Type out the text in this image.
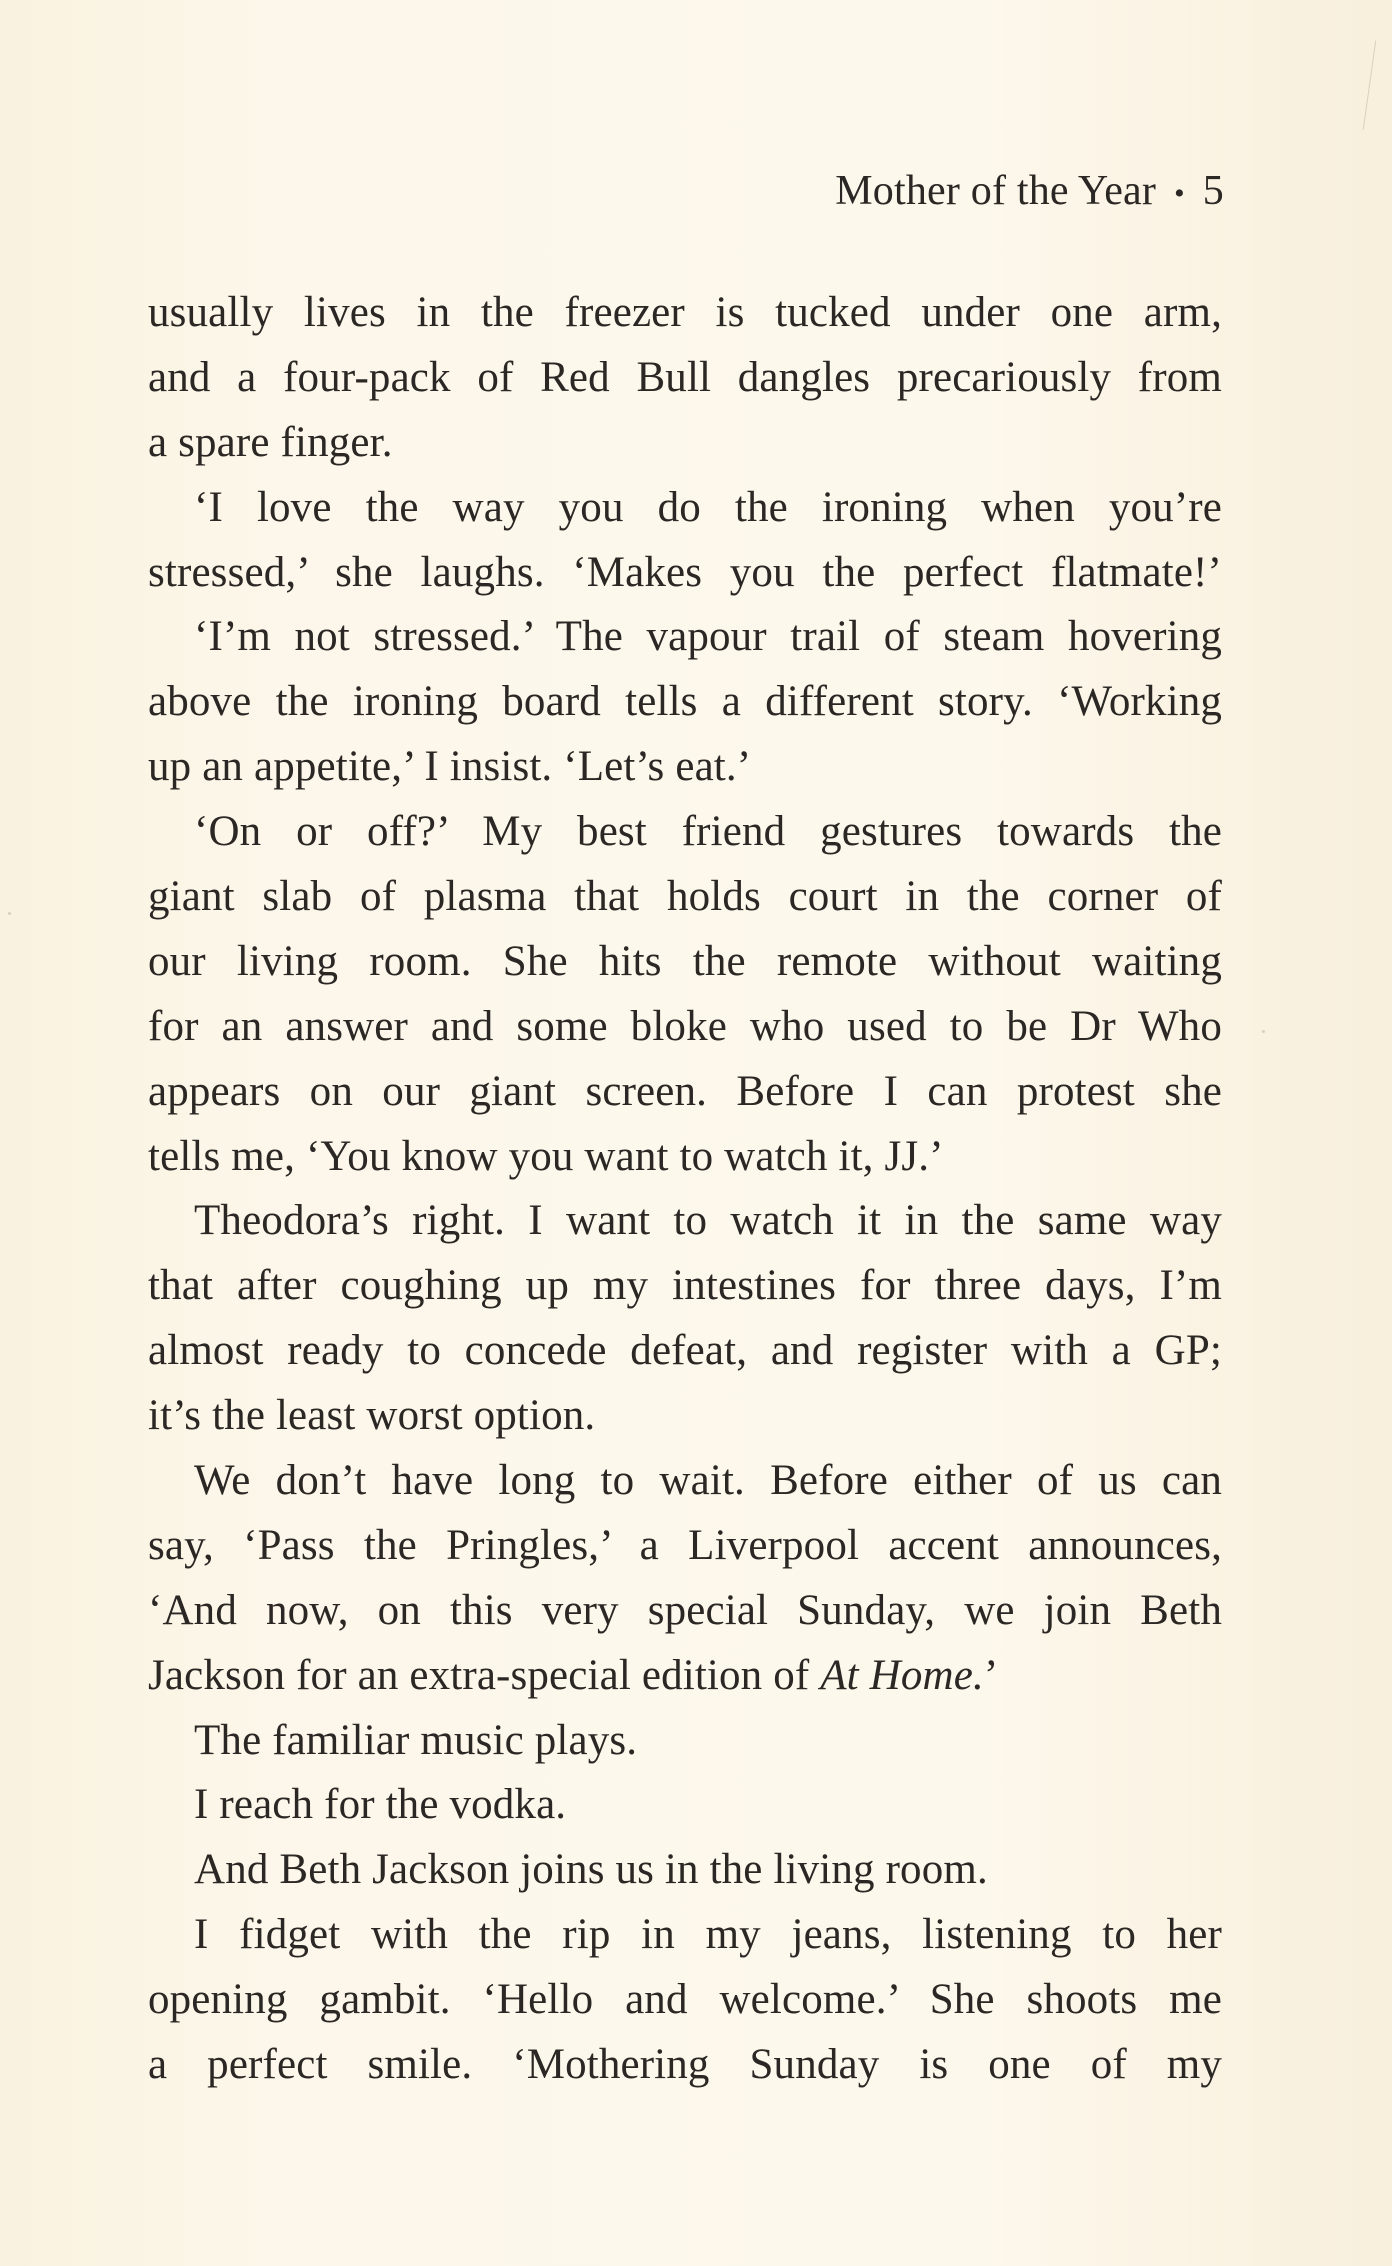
Mother of the Year • 5
usually lives in the freezer is tucked under one arm,
and a four-pack of Red Bull dangles precariously from
a spare finger.
‘I love the way you do the ironing when you’re
stressed,’ she laughs. ‘Makes you the perfect flatmate!’
‘I’m not stressed.’ The vapour trail of steam hovering
above the ironing board tells a different story. ‘Working
up an appetite,’ I insist. ‘Let’s eat.’
‘On or off?’ My best friend gestures towards the
giant slab of plasma that holds court in the corner of
our living room. She hits the remote without waiting
for an answer and some bloke who used to be Dr Who
appears on our giant screen. Before I can protest she
tells me, ‘You know you want to watch it, JJ.’
Theodora’s right. I want to watch it in the same way
that after coughing up my intestines for three days, I’m
almost ready to concede defeat, and register with a GP;
it’s the least worst option.
We don’t have long to wait. Before either of us can
say, ‘Pass the Pringles,’ a Liverpool accent announces,
‘And now, on this very special Sunday, we join Beth
Jackson for an extra-special edition of At Home.’
The familiar music plays.
I reach for the vodka.
And Beth Jackson joins us in the living room.
I fidget with the rip in my jeans, listening to her
opening gambit. ‘Hello and welcome.’ She shoots me
a perfect smile. ‘Mothering Sunday is one of my
